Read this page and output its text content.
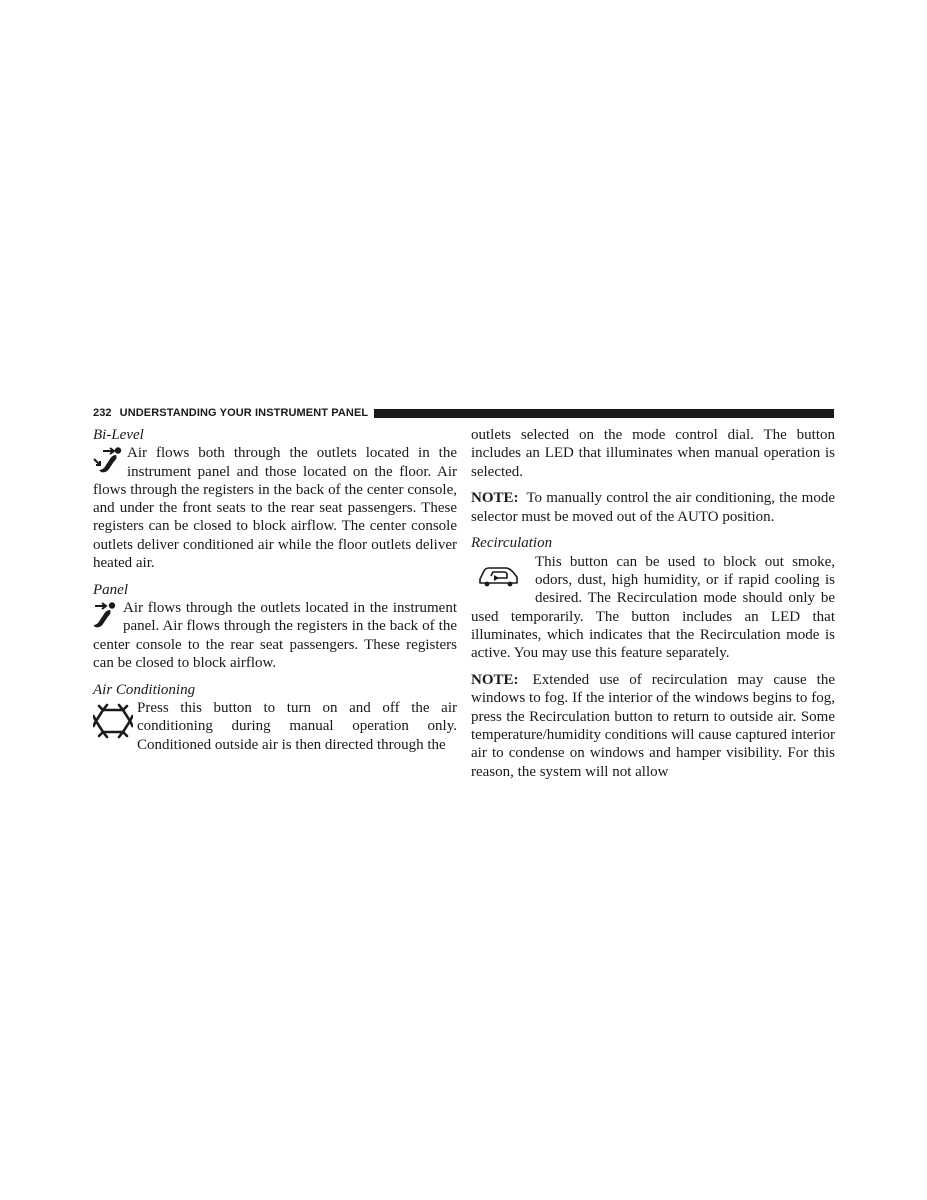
232 UNDERSTANDING YOUR INSTRUMENT PANEL
Bi-Level

Air flows both through the outlets located in the instrument panel and those located on the floor. Air flows through the registers in the back of the center console, and under the front seats to the rear seat passengers. These registers can be closed to block airflow. The center console outlets deliver conditioned air while the floor outlets deliver heated air.

Panel

Air flows through the outlets located in the instrument panel. Air flows through the registers in the back of the center console to the rear seat passengers. These registers can be closed to block airflow.

Air Conditioning

Press this button to turn on and off the air conditioning during manual operation only. Conditioned outside air is then directed through the

outlets selected on the mode control dial. The button includes an LED that illuminates when manual operation is selected.

NOTE: To manually control the air conditioning, the mode selector must be moved out of the AUTO position.

Recirculation

This button can be used to block out smoke, odors, dust, high humidity, or if rapid cooling is desired. The Recirculation mode should only be used temporarily. The button includes an LED that illuminates, which indicates that the Recirculation mode is active. You may use this feature separately.

NOTE: Extended use of recirculation may cause the windows to fog. If the interior of the windows begins to fog, press the Recirculation button to return to outside air. Some temperature/humidity conditions will cause captured interior air to condense on windows and hamper visibility. For this reason, the system will not allow
